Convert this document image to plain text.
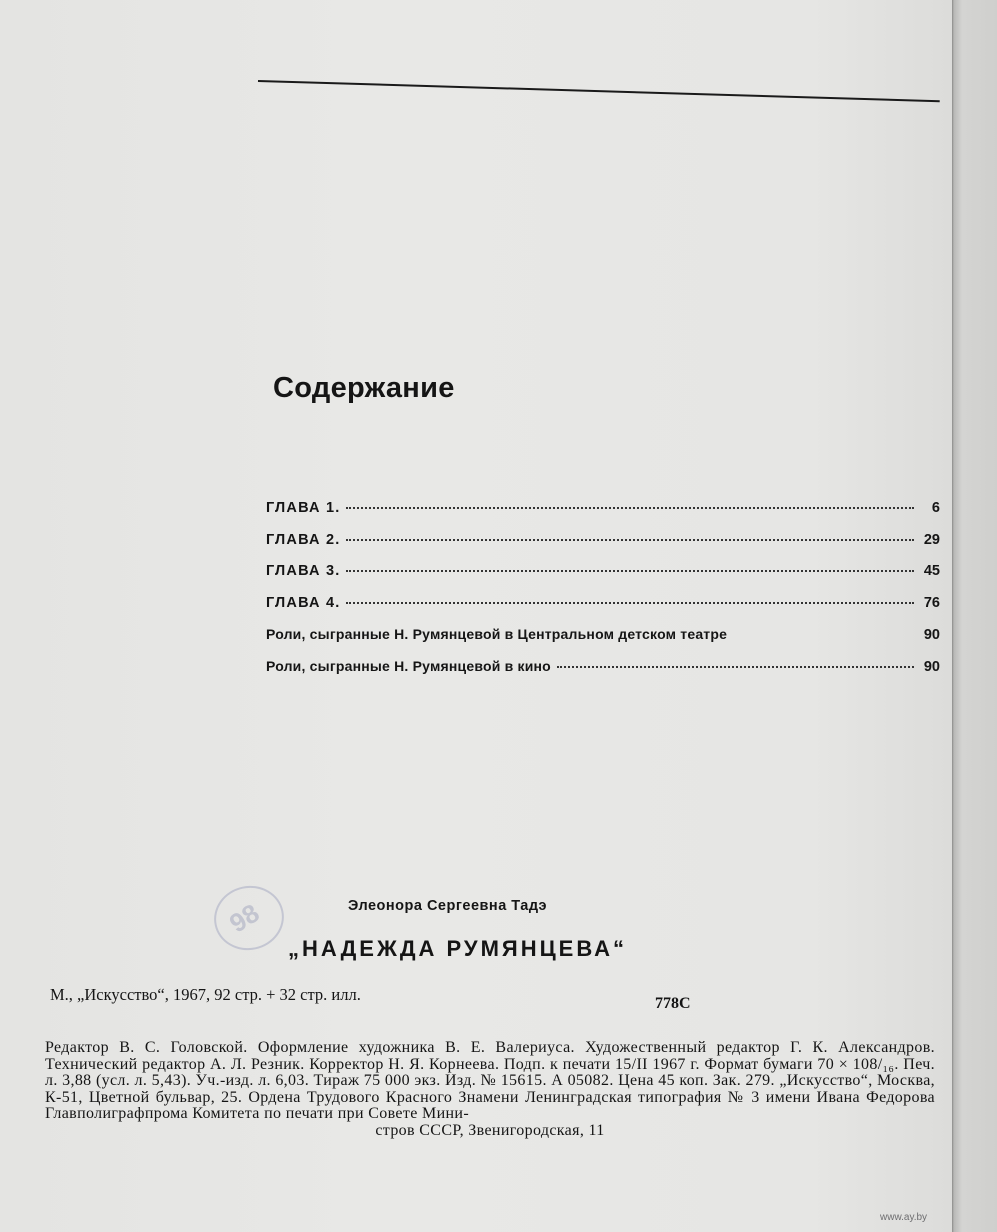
Содержание
ГЛАВА 1.	6
ГЛАВА 2.	29
ГЛАВА 3.	45
ГЛАВА 4.	76
Роли, сыгранные Н. Румянцевой в Центральном детском театре	90
Роли, сыгранные Н. Румянцевой в кино	90
98	Элеонора Сергеевна Тадэ
„НАДЕЖДА РУМЯНЦЕВА“
М., „Искусство“, 1967, 92 стр. + 32 стр. илл.	778С
Редактор В. С. Головской. Оформление художника В. Е. Валериуса. Художественный редактор Г. К. Александров. Технический редактор А. Л. Резник. Корректор Н. Я. Корнеева. Подп. к печати 15/II 1967 г. Формат бумаги 70 × 108/₁₆. Печ. л. 3,88 (усл. л. 5,43). Уч.-изд. л. 6,03. Тираж 75 000 экз. Изд. № 15615. А 05082. Цена 45 коп. Зак. 279. „Искусство“, Москва, К-51, Цветной бульвар, 25. Ордена Трудового Красного Знамени Ленинградская типография № 3 имени Ивана Федорова Главполиграфпрома Комитета по печати при Совете Мини-
стров СССР, Звенигородская, 11
www.ay.by
